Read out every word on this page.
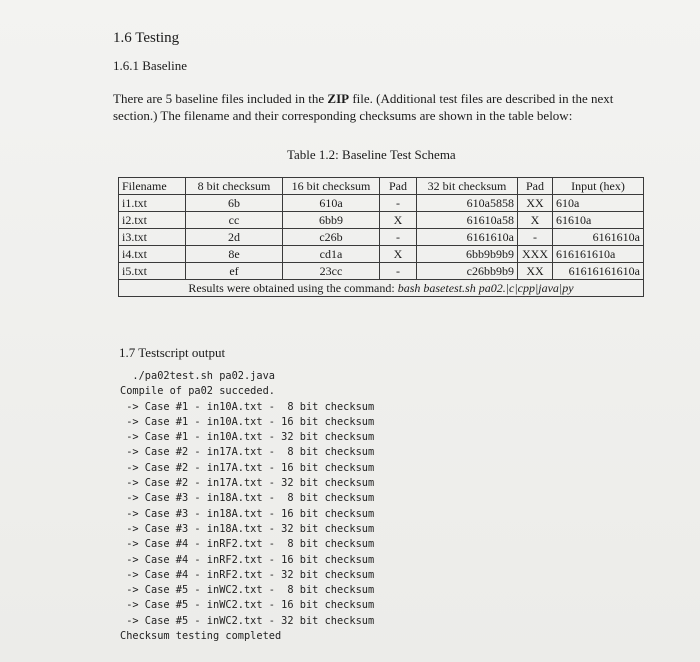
1.6 Testing
1.6.1 Baseline
There are 5 baseline files included in the ZIP file. (Additional test files are described in the next section.) The filename and their corresponding checksums are shown in the table below:
Table 1.2: Baseline Test Schema
Filename	8 bit checksum	16 bit checksum	Pad	32 bit checksum	Pad	Input (hex)
i1.txt	6b	610a	-	610a5858	XX	610a
i2.txt	cc	6bb9	X	61610a58	X	61610a
i3.txt	2d	c26b	-	6161610a	-	6161610a
i4.txt	8e	cd1a	X	6bb9b9b9	XXX	616161610a
i5.txt	ef	23cc	-	c26bb9b9	XX	61616161610a
Results were obtained using the command: bash basetest.sh pa02.|c|cpp|java|py						
1.7 Testscript output
./pa02test.sh pa02.java
Compile of pa02 succeded.
-> Case #1 - in10A.txt -  8 bit checksum
-> Case #1 - in10A.txt - 16 bit checksum
-> Case #1 - in10A.txt - 32 bit checksum
-> Case #2 - in17A.txt -  8 bit checksum
-> Case #2 - in17A.txt - 16 bit checksum
-> Case #2 - in17A.txt - 32 bit checksum
-> Case #3 - in18A.txt -  8 bit checksum
-> Case #3 - in18A.txt - 16 bit checksum
-> Case #3 - in18A.txt - 32 bit checksum
-> Case #4 - inRF2.txt -  8 bit checksum
-> Case #4 - inRF2.txt - 16 bit checksum
-> Case #4 - inRF2.txt - 32 bit checksum
-> Case #5 - inWC2.txt -  8 bit checksum
-> Case #5 - inWC2.txt - 16 bit checksum
-> Case #5 - inWC2.txt - 32 bit checksum
Checksum testing completed
